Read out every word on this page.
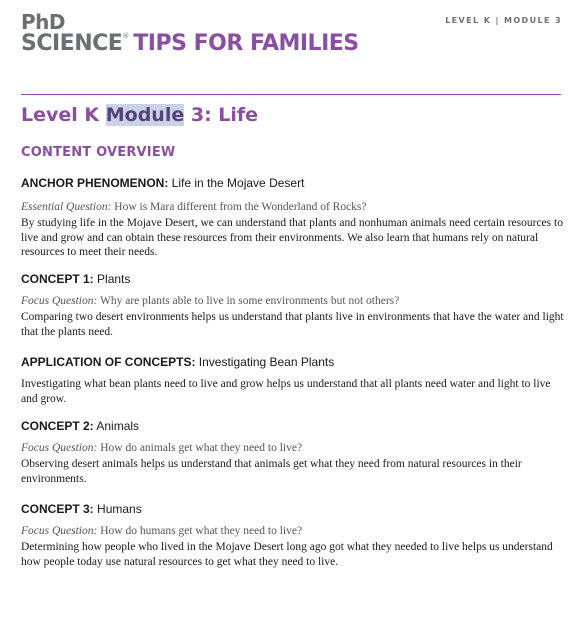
PhD
SCIENCE® TIPS FOR FAMILIES
LEVEL K | MODULE 3
Level K Module 3: Life
CONTENT OVERVIEW

ANCHOR PHENOMENON: Life in the Mojave Desert

Essential Question: How is Mara different from the Wonderland of Rocks?
By studying life in the Mojave Desert, we can understand that plants and nonhuman animals need certain resources to live and grow and can obtain these resources from their environments. We also learn that humans rely on natural resources to meet their needs.

CONCEPT 1: Plants

Focus Question: Why are plants able to live in some environments but not others?
Comparing two desert environments helps us understand that plants live in environments that have the water and light that the plants need.

APPLICATION OF CONCEPTS: Investigating Bean Plants

Investigating what bean plants need to live and grow helps us understand that all plants need water and light to live and grow.

CONCEPT 2: Animals

Focus Question: How do animals get what they need to live?
Observing desert animals helps us understand that animals get what they need from natural resources in their environments.

CONCEPT 3: Humans

Focus Question: How do humans get what they need to live?
Determining how people who lived in the Mojave Desert long ago got what they needed to live helps us understand how people today use natural resources to get what they need to live.
